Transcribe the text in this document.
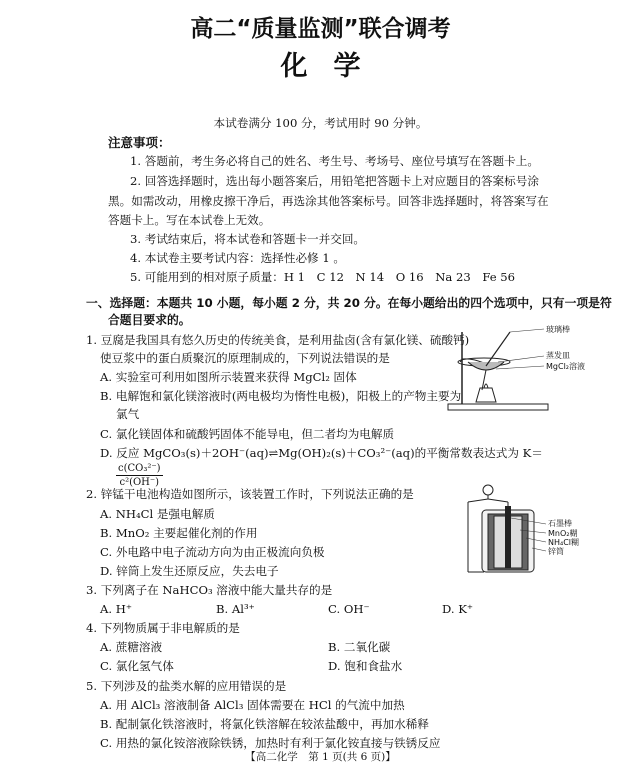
高二“质量监测”联合调考
化学
本试卷满分 100 分，考试用时 90 分钟。
注意事项：
1. 答题前，考生务必将自己的姓名、考生号、考场号、座位号填写在答题卡上。
2. 回答选择题时，选出每小题答案后，用铅笔把答题卡上对应题目的答案标号涂
黑。如需改动，用橡皮擦干净后，再选涂其他答案标号。回答非选择题时，将答案写在
答题卡上。写在本试卷上无效。
3. 考试结束后，将本试卷和答题卡一并交回。
4. 本试卷主要考试内容：选择性必修 1 。
5. 可能用到的相对原子质量：H 1　C 12　N 14　O 16　Na 23　Fe 56
一、选择题：本题共 10 小题，每小题 2 分，共 20 分。在每小题给出的四个选项中，只有一项是符
合题目要求的。
1. 豆腐是我国具有悠久历史的传统美食，是利用盐卤(含有氯化镁、硫酸钙)
使豆浆中的蛋白质聚沉的原理制成的，下列说法错误的是
A. 实验室可利用如图所示装置来获得 MgCl₂ 固体
B. 电解饱和氯化镁溶液时(两电极均为惰性电极)，阳极上的产物主要为
氯气
C. 氯化镁固体和硫酸钙固体不能导电，但二者均为电解质
D. 反应 MgCO₃(s)＋2OH⁻(aq)⇌Mg(OH)₂(s)＋CO₃²⁻(aq)的平衡常数表达式为 K＝
$\frac{\text{c(CO₃²⁻)}}{\text{c²(OH⁻)}}$
玻璃棒
蒸发皿
MgCl₂溶液
2. 锌锰干电池构造如图所示，该装置工作时，下列说法正确的是
A. NH₄Cl 是强电解质
B. MnO₂ 主要起催化剂的作用
C. 外电路中电子流动方向为由正极流向负极
D. 锌筒上发生还原反应，失去电子
石墨棒
MnO₂糊
NH₄Cl糊
锌筒
3. 下列离子在 NaHCO₃ 溶液中能大量共存的是
A. H⁺	B. Al³⁺	C. OH⁻	D. K⁺
4. 下列物质属于非电解质的是
A. 蔗糖溶液	B. 二氧化碳
C. 氯化氢气体	D. 饱和食盐水
5. 下列涉及的盐类水解的应用错误的是
A. 用 AlCl₃ 溶液制备 AlCl₃ 固体需要在 HCl 的气流中加热
B. 配制氯化铁溶液时，将氯化铁溶解在较浓盐酸中，再加水稀释
C. 用热的氯化铵溶液除铁锈，加热时有利于氯化铵直接与铁锈反应
【高二化学　第 1 页(共 6 页)】
